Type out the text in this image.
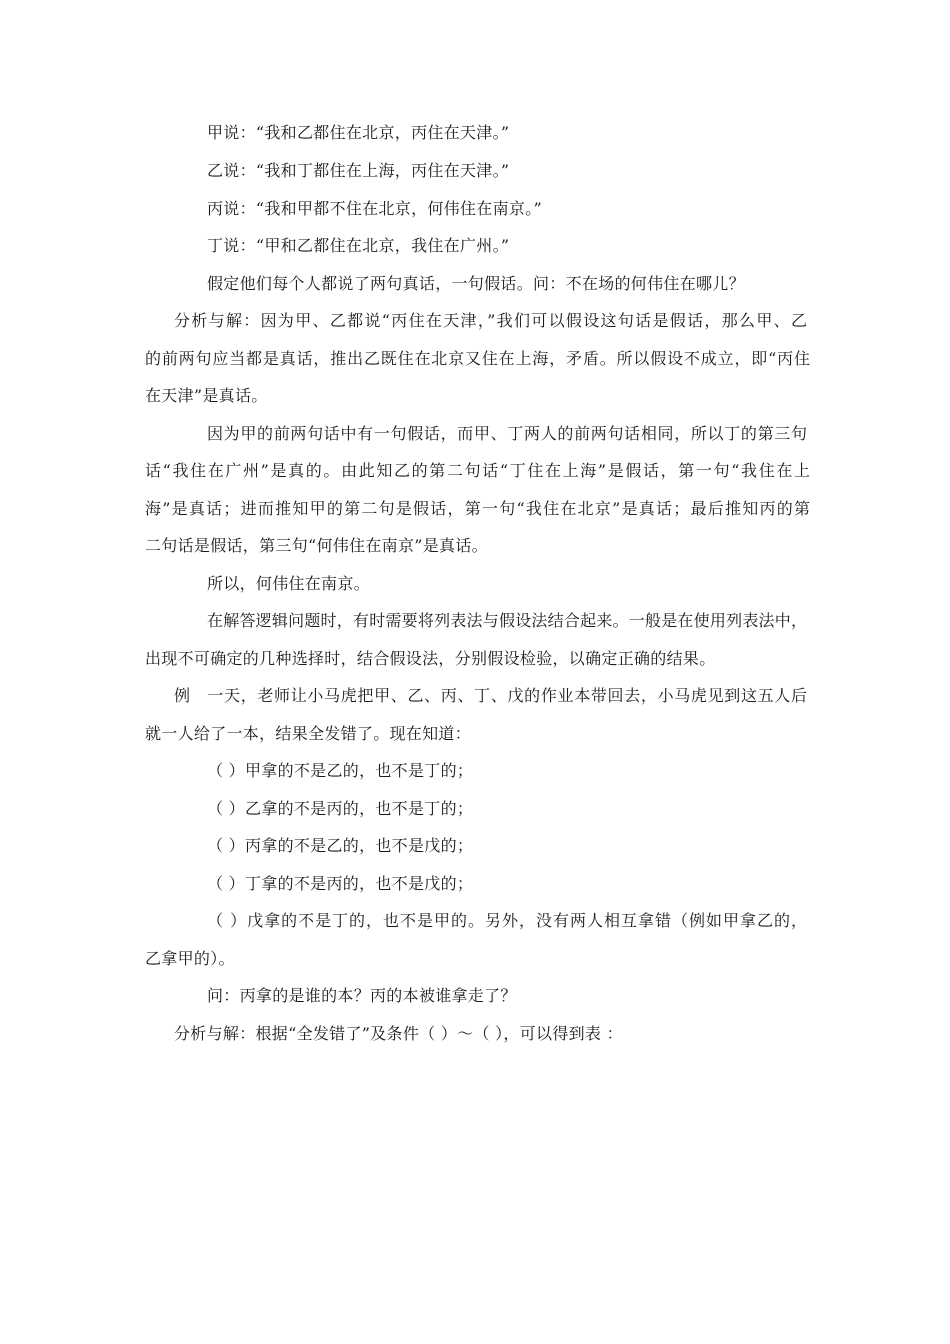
甲说：“我和乙都住在北京，丙住在天津。”
乙说：“我和丁都住在上海，丙住在天津。”
丙说：“我和甲都不住在北京，何伟住在南京。”
丁说：“甲和乙都住在北京，我住在广州。”
假定他们每个人都说了两句真话，一句假话。问：不在场的何伟住在哪儿？
分析与解：因为甲、乙都说“丙住在天津，”我们可以假设这句话是假话，那么甲、乙
的前两句应当都是真话，推出乙既住在北京又住在上海，矛盾。所以假设不成立，即“丙住
在天津”是真话。
因为甲的前两句话中有一句假话，而甲、丁两人的前两句话相同，所以丁的第三句
话“我住在广州”是真的。由此知乙的第二句话“丁住在上海”是假话，第一句“我住在上
海”是真话；进而推知甲的第二句是假话，第一句“我住在北京”是真话；最后推知丙的第
二句话是假话，第三句“何伟住在南京”是真话。
所以，何伟住在南京。
在解答逻辑问题时，有时需要将列表法与假设法结合起来。一般是在使用列表法中，
出现不可确定的几种选择时，结合假设法，分别假设检验，以确定正确的结果。
例　一天，老师让小马虎把甲、乙、丙、丁、戊的作业本带回去，小马虎见到这五人后
就一人给了一本，结果全发错了。现在知道：
（ ）甲拿的不是乙的，也不是丁的；
（ ）乙拿的不是丙的，也不是丁的；
（ ）丙拿的不是乙的，也不是戊的；
（ ）丁拿的不是丙的，也不是戊的；
（ ）戊拿的不是丁的，也不是甲的。另外，没有两人相互拿错（例如甲拿乙的，
乙拿甲的）。
问：丙拿的是谁的本？丙的本被谁拿走了？
分析与解：根据“全发错了”及条件（ ）～（ ），可以得到表 ：
